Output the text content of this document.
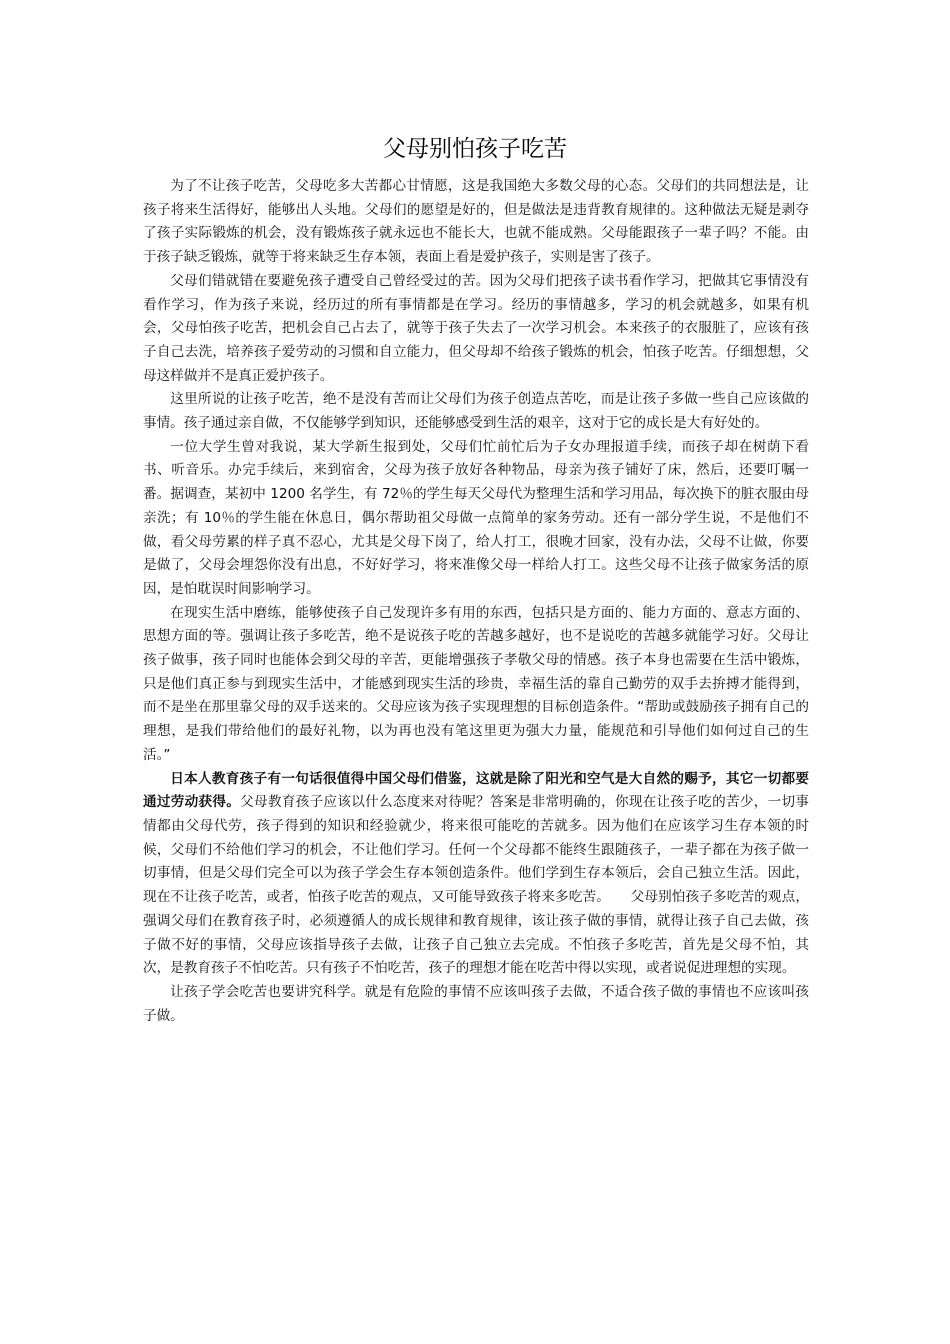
父母别怕孩子吃苦

为了不让孩子吃苦，父母吃多大苦都心甘情愿，这是我国绝大多数父母的心态。父母们的共同想法是，让孩子将来生活得好，能够出人头地。父母们的愿望是好的，但是做法是违背教育规律的。这种做法无疑是剥夺了孩子实际锻炼的机会，没有锻炼孩子就永远也不能长大，也就不能成熟。父母能跟孩子一辈子吗？不能。由于孩子缺乏锻炼，就等于将来缺乏生存本领，表面上看是爱护孩子，实则是害了孩子。

父母们错就错在要避免孩子遭受自己曾经受过的苦。因为父母们把孩子读书看作学习，把做其它事情没有看作学习，作为孩子来说，经历过的所有事情都是在学习。经历的事情越多，学习的机会就越多，如果有机会，父母怕孩子吃苦，把机会自己占去了，就等于孩子失去了一次学习机会。本来孩子的衣服脏了，应该有孩子自己去洗，培养孩子爱劳动的习惯和自立能力，但父母却不给孩子锻炼的机会，怕孩子吃苦。仔细想想，父母这样做并不是真正爱护孩子。

这里所说的让孩子吃苦，绝不是没有苦而让父母们为孩子创造点苦吃，而是让孩子多做一些自己应该做的事情。孩子通过亲自做，不仅能够学到知识，还能够感受到生活的艰辛，这对于它的成长是大有好处的。

一位大学生曾对我说，某大学新生报到处，父母们忙前忙后为子女办理报道手续，而孩子却在树荫下看书、听音乐。办完手续后，来到宿舍，父母为孩子放好各种物品，母亲为孩子铺好了床，然后，还要叮嘱一番。据调查，某初中 1200 名学生，有 72％的学生每天父母代为整理生活和学习用品，每次换下的脏衣服由母亲洗；有 10％的学生能在休息日，偶尔帮助祖父母做一点简单的家务劳动。还有一部分学生说，不是他们不做，看父母劳累的样子真不忍心，尤其是父母下岗了，给人打工，很晚才回家，没有办法，父母不让做，你要是做了，父母会埋怨你没有出息，不好好学习，将来准像父母一样给人打工。这些父母不让孩子做家务活的原因，是怕耽误时间影响学习。

在现实生活中磨练，能够使孩子自己发现许多有用的东西，包括只是方面的、能力方面的、意志方面的、思想方面的等。强调让孩子多吃苦，绝不是说孩子吃的苦越多越好，也不是说吃的苦越多就能学习好。父母让孩子做事，孩子同时也能体会到父母的辛苦，更能增强孩子孝敬父母的情感。孩子本身也需要在生活中锻炼，只是他们真正参与到现实生活中，才能感到现实生活的珍贵，幸福生活的靠自己勤劳的双手去拚搏才能得到，而不是坐在那里靠父母的双手送来的。父母应该为孩子实现理想的目标创造条件。“帮助或鼓励孩子拥有自己的理想，是我们带给他们的最好礼物，以为再也没有笔这里更为强大力量，能规范和引导他们如何过自己的生活。”

日本人教育孩子有一句话很值得中国父母们借鉴，这就是除了阳光和空气是大自然的赐予，其它一切都要通过劳动获得。父母教育孩子应该以什么态度来对待呢？答案是非常明确的，你现在让孩子吃的苦少，一切事情都由父母代劳，孩子得到的知识和经验就少，将来很可能吃的苦就多。因为他们在应该学习生存本领的时候，父母们不给他们学习的机会，不让他们学习。任何一个父母都不能终生跟随孩子，一辈子都在为孩子做一切事情，但是父母们完全可以为孩子学会生存本领创造条件。他们学到生存本领后，会自己独立生活。因此，现在不让孩子吃苦，或者，怕孩子吃苦的观点，又可能导致孩子将来多吃苦。　　父母别怕孩子多吃苦的观点，强调父母们在教育孩子时，必须遵循人的成长规律和教育规律，该让孩子做的事情，就得让孩子自己去做，孩子做不好的事情，父母应该指导孩子去做，让孩子自己独立去完成。不怕孩子多吃苦，首先是父母不怕，其次，是教育孩子不怕吃苦。只有孩子不怕吃苦，孩子的理想才能在吃苦中得以实现，或者说促进理想的实现。

让孩子学会吃苦也要讲究科学。就是有危险的事情不应该叫孩子去做，不适合孩子做的事情也不应该叫孩子做。
